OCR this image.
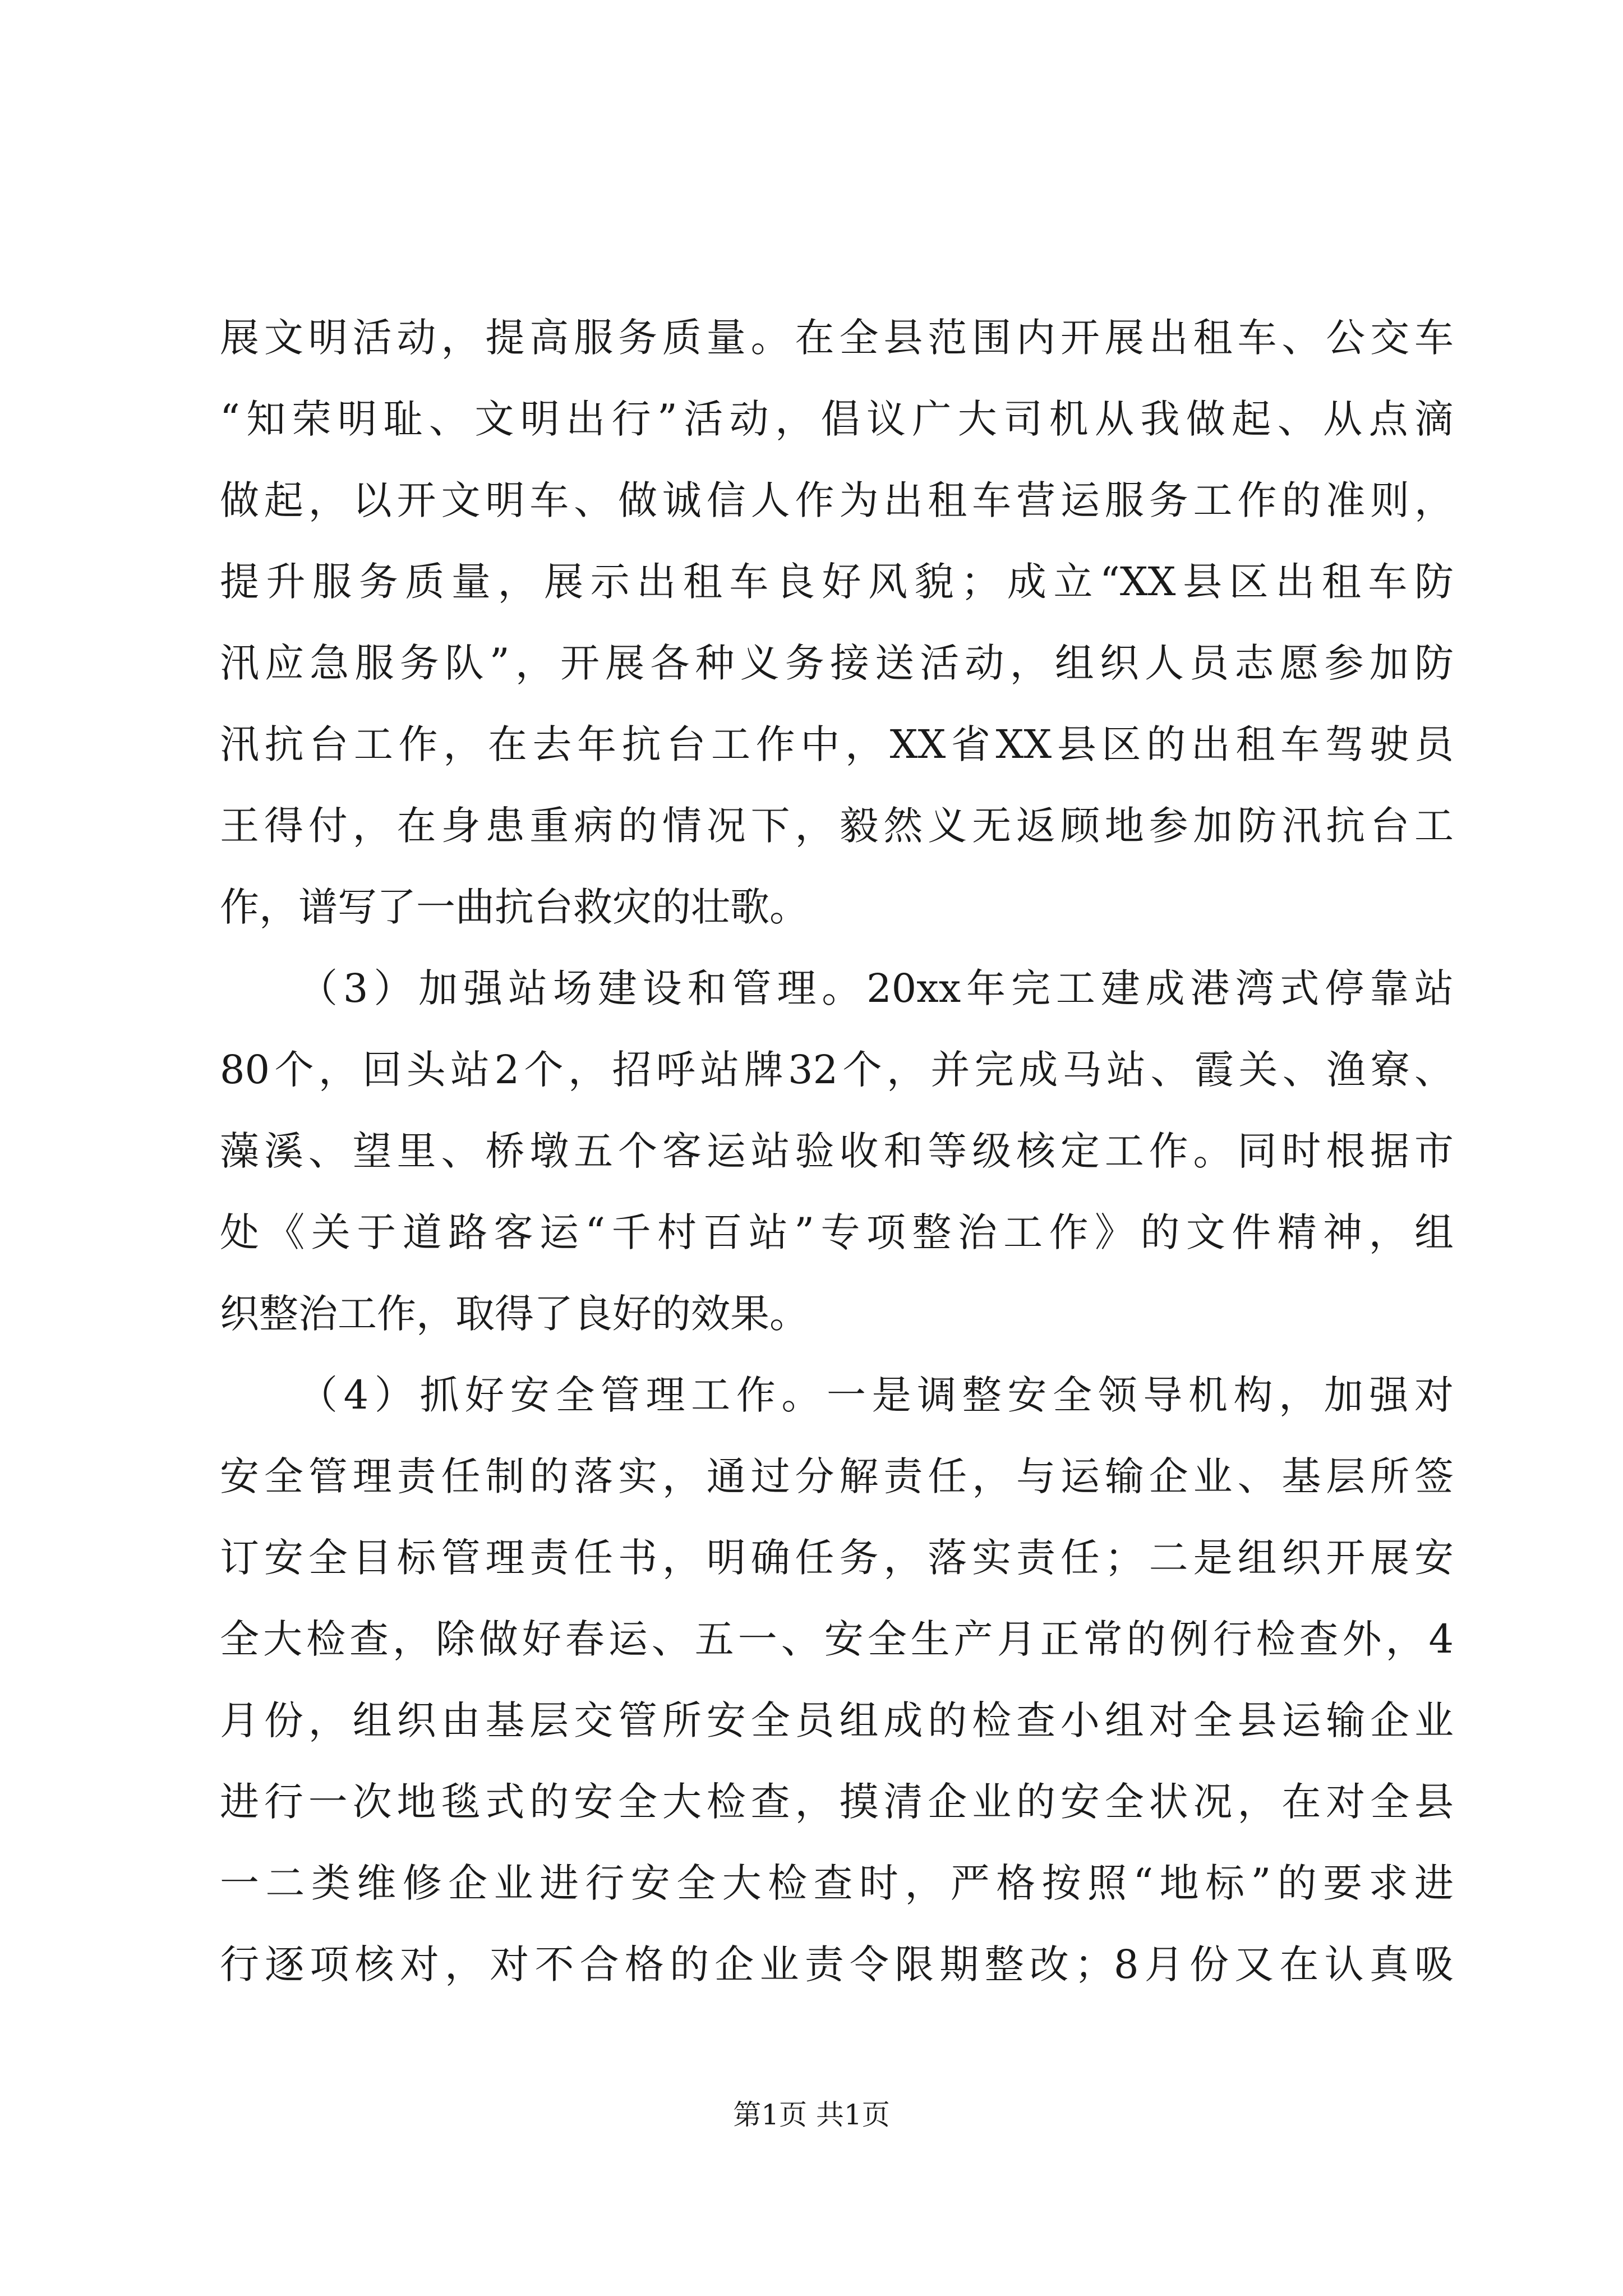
展文明活动，提高服务质量。在全县范围内开展出租车、公交车
“知荣明耻、文明出行”活动，倡议广大司机从我做起、从点滴
做起，以开文明车、做诚信人作为出租车营运服务工作的准则，
提升服务质量，展示出租车良好风貌；成立“XX县区出租车防
汛应急服务队”，开展各种义务接送活动，组织人员志愿参加防
汛抗台工作，在去年抗台工作中，XX省XX县区的出租车驾驶员
王得付，在身患重病的情况下，毅然义无返顾地参加防汛抗台工
作，谱写了一曲抗台救灾的壮歌。
（3）加强站场建设和管理。20xx年完工建成港湾式停靠站
80个，回头站2个，招呼站牌32个，并完成马站、霞关、渔寮、
藻溪、望里、桥墩五个客运站验收和等级核定工作。同时根据市
处《关于道路客运“千村百站”专项整治工作》的文件精神，组
织整治工作，取得了良好的效果。
（4）抓好安全管理工作。一是调整安全领导机构，加强对
安全管理责任制的落实，通过分解责任，与运输企业、基层所签
订安全目标管理责任书，明确任务，落实责任；二是组织开展安
全大检查，除做好春运、五一、安全生产月正常的例行检查外，4
月份，组织由基层交管所安全员组成的检查小组对全县运输企业
进行一次地毯式的安全大检查，摸清企业的安全状况，在对全县
一二类维修企业进行安全大检查时，严格按照“地标”的要求进
行逐项核对，对不合格的企业责令限期整改；8月份又在认真吸
第1页 共1页
